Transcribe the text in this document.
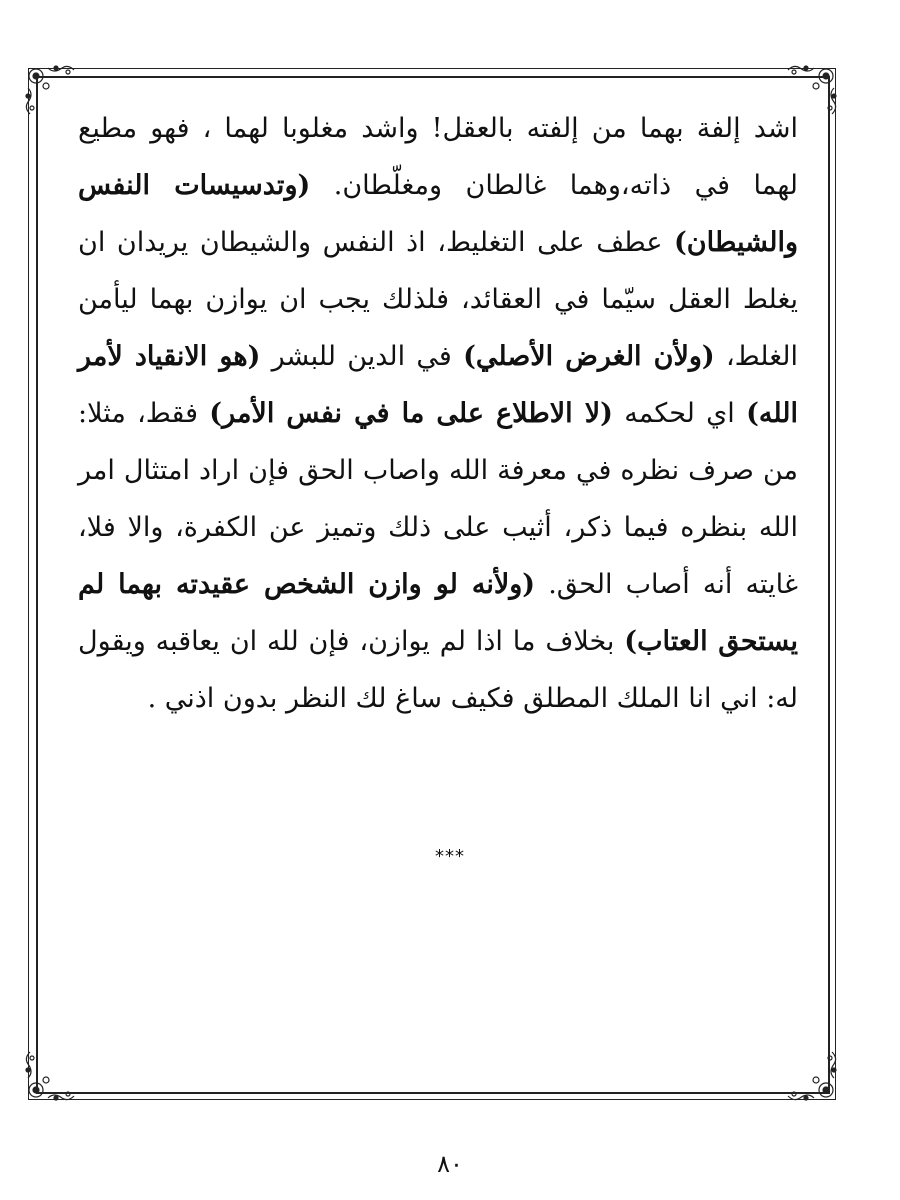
اشد إلفة بهما من إلفته بالعقل! واشد مغلوبا لهما ، فهو مطيع لهما في ذاته،وهما غالطان ومغلّطان. (وتدسيسات النفس والشيطان) عطف على التغليط، اذ النفس والشيطان يريدان ان يغلط العقل سيّما في العقائد، فلذلك يجب ان يوازن بهما ليأمن الغلط، (ولأن الغرض الأصلي) في الدين للبشر (هو الانقياد لأمر الله) اي لحكمه (لا الاطلاع على ما في نفس الأمر) فقط، مثلا: من صرف نظره في معرفة الله واصاب الحق فإن اراد امتثال امر الله بنظره فيما ذكر، أثيب على ذلك وتميز عن الكفرة، والا فلا، غايته أنه أصاب الحق. (ولأنه لو وازن الشخص عقيدته بهما لم يستحق العتاب) بخلاف ما اذا لم يوازن، فإن لله ان يعاقبه ويقول له: اني انا الملك المطلق فكيف ساغ لك النظر بدون اذني .

***
٨٠
